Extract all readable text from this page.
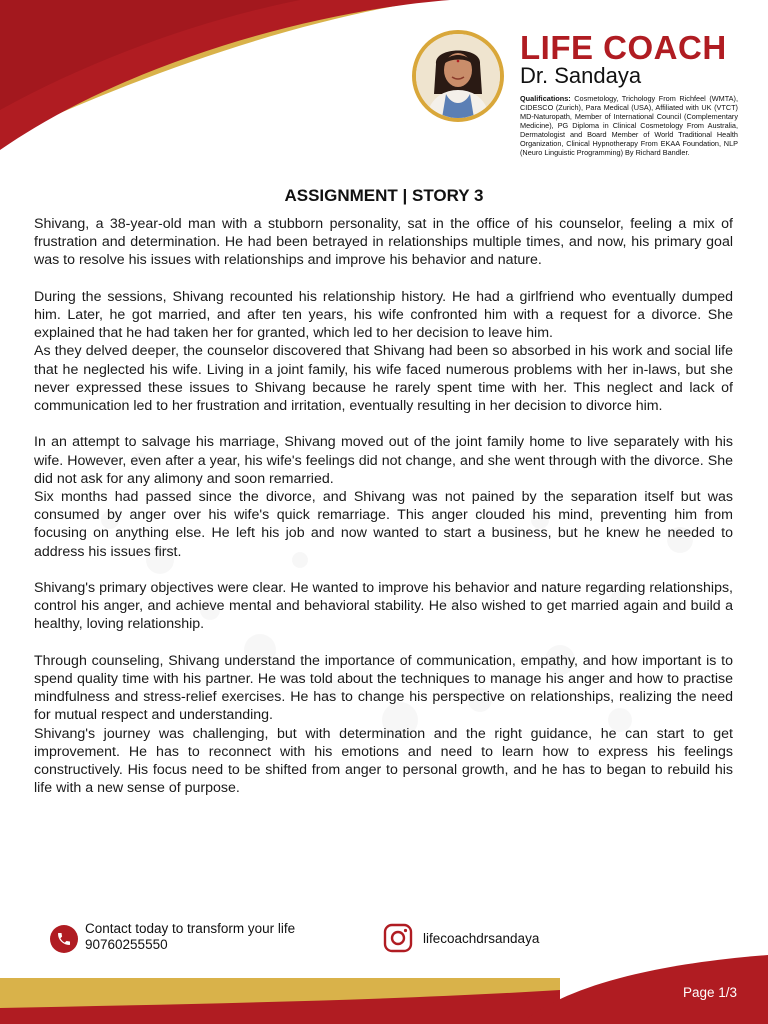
LIFE COACH
Dr. Sandaya
Qualifications: Cosmetology, Trichology From Richfeel (WMTA), CIDESCO (Zurich), Para Medical (USA), Affiliated with UK (VTCT) MD-Naturopath, Member of International Council (Complementary Medicine), PG Diploma in Clinical Cosmetology From Australia, Dermatologist and Board Member of World Traditional Health Organization, Clinical Hypnotherapy From EKAA Foundation, NLP (Neuro Linguistic Programming) By Richard Bandler.
ASSIGNMENT | STORY 3

Shivang, a 38-year-old man with a stubborn personality, sat in the office of his counselor, feeling a mix of frustration and determination. He had been betrayed in relationships multiple times, and now, his primary goal was to resolve his issues with relationships and improve his behavior and nature.

During the sessions, Shivang recounted his relationship history. He had a girlfriend who eventually dumped him. Later, he got married, and after ten years, his wife confronted him with a request for a divorce. She explained that he had taken her for granted, which led to her decision to leave him.

As they delved deeper, the counselor discovered that Shivang had been so absorbed in his work and social life that he neglected his wife. Living in a joint family, his wife faced numerous problems with her in-laws, but she never expressed these issues to Shivang because he rarely spent time with her. This neglect and lack of communication led to her frustration and irritation, eventually resulting in her decision to divorce him.

In an attempt to salvage his marriage, Shivang moved out of the joint family home to live separately with his wife. However, even after a year, his wife's feelings did not change, and she went through with the divorce. She did not ask for any alimony and soon remarried.

Six months had passed since the divorce, and Shivang was not pained by the separation itself but was consumed by anger over his wife's quick remarriage. This anger clouded his mind, preventing him from focusing on anything else. He left his job and now wanted to start a business, but he knew he needed to address his issues first.

Shivang's primary objectives were clear. He wanted to improve his behavior and nature regarding relationships, control his anger, and achieve mental and behavioral stability. He also wished to get married again and build a healthy, loving relationship.

Through counseling, Shivang understand the importance of communication, empathy, and how important is to spend quality time with his partner. He was told about the techniques to manage his anger and how to practise mindfulness and stress-relief exercises. He has to change his perspective on relationships, realizing the need for mutual respect and understanding.

Shivang's journey was challenging, but with determination and the right guidance, he can start to get improvement. He has to reconnect with his emotions and need to learn how to express his feelings constructively. His focus need to be shifted from anger to personal growth, and he has to began to rebuild his life with a new sense of purpose.

Contact today to transform your life
90760255550	lifecoachdrsandaya
Page 1/3
